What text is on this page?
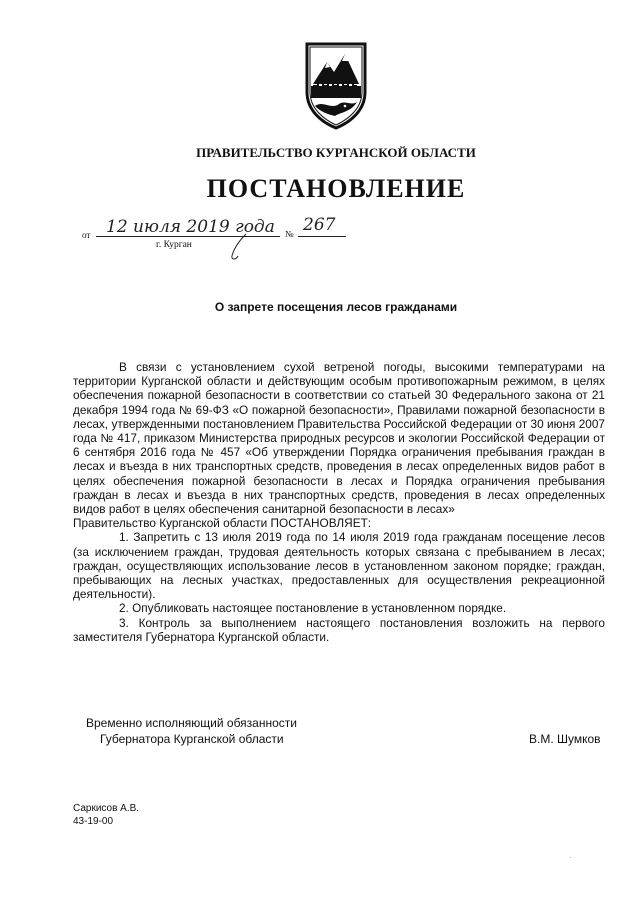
ПРАВИТЕЛЬСТВО КУРГАНСКОЙ ОБЛАСТИ
ПОСТАНОВЛЕНИЕ
от 12 июля 2019 года № 267
г. Курган
О запрете посещения лесов гражданами

В связи с установлением сухой ветреной погоды, высокими температурами на территории Курганской области и действующим особым противопожарным режимом, в целях обеспечения пожарной безопасности в соответствии со статьей 30 Федерального закона от 21 декабря 1994 года № 69-ФЗ «О пожарной безопасности», Правилами пожарной безопасности в лесах, утвержденными постановлением Правительства Российской Федерации от 30 июня 2007 года № 417, приказом Министерства природных ресурсов и экологии Российской Федерации от 6 сентября 2016 года № 457 «Об утверждении Порядка ограничения пребывания граждан в лесах и въезда в них транспортных средств, проведения в лесах определенных видов работ в целях обеспечения пожарной безопасности в лесах и Порядка ограничения пребывания граждан в лесах и въезда в них транспортных средств, проведения в лесах определенных видов работ в целях обеспечения санитарной безопасности в лесах»

Правительство Курганской области ПОСТАНОВЛЯЕТ:

1. Запретить с 13 июля 2019 года по 14 июля 2019 года гражданам посещение лесов (за исключением граждан, трудовая деятельность которых связана с пребыванием в лесах; граждан, осуществляющих использование лесов в установленном законом порядке; граждан, пребывающих на лесных участках, предоставленных для осуществления рекреационной деятельности).

2. Опубликовать настоящее постановление в установленном порядке.

3. Контроль за выполнением настоящего постановления возложить на первого заместителя Губернатора Курганской области.

Временно исполняющий обязанности
Губернатора Курганской области	В.М. Шумков
Саркисов А.В.
43-19-00
